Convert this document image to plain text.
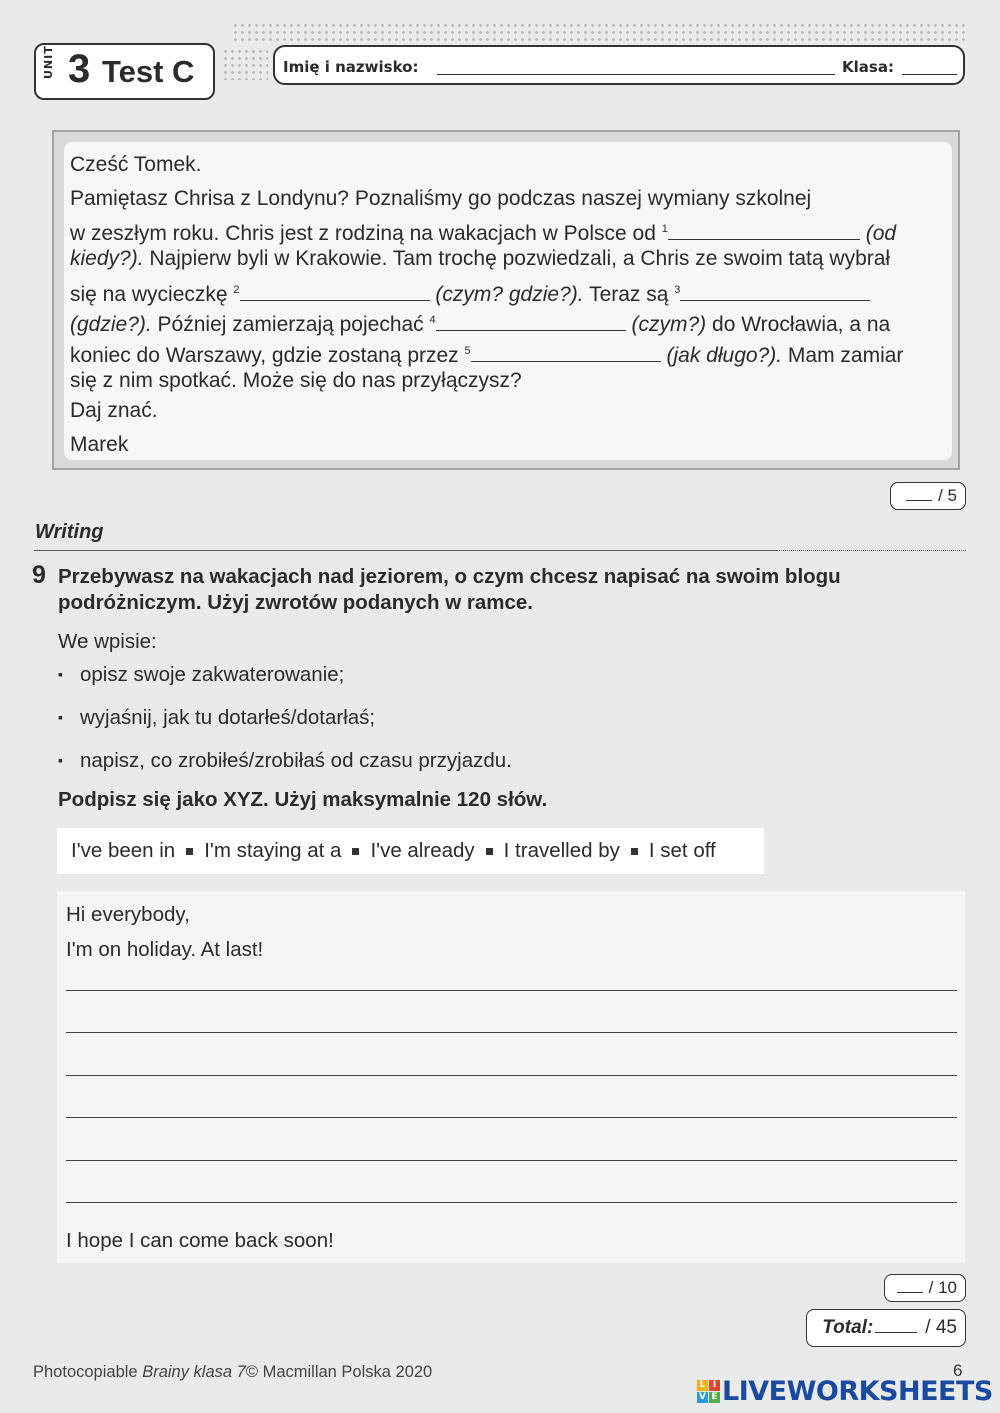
UNIT 3 Test C	Imię i nazwisko:	Klasa:

Cześć Tomek.

Pamiętasz Chrisa z Londynu? Poznaliśmy go podczas naszej wymiany szkolnej

w zeszłym roku. Chris jest z rodziną na wakacjach w Polsce od $^1$	(od

kiedy?). Najpierw byli w Krakowie. Tam trochę pozwiedzali, a Chris ze swoim tatą wybrał

się na wycieczkę $^2$	(czym? gdzie?). Teraz są $^3$

(gdzie?). Później zamierzają pojechać $^4$	(czym?) do Wrocławia, a na

koniec do Warszawy, gdzie zostaną przez $^5$	(jak długo?). Mam zamiar

się z nim spotkać. Może się do nas przyłączysz?

Daj znać.

Marek

/ 5
Writing
9 Przebywasz na wakacjach nad jeziorem, o czym chcesz napisać na swoim blogu podróżniczym. Użyj zwrotów podanych w ramce.
We wpisie:
▪ opisz swoje zakwaterowanie;
▪ wyjaśnij, jak tu dotarłeś/dotarłaś;
▪ napisz, co zrobiłeś/zrobiłaś od czasu przyjazdu.
Podpisz się jako XYZ. Użyj maksymalnie 120 słów.
I've been in I'm staying at a I've already I travelled by I set off
Hi everybody,
I'm on holiday. At last!
I hope I can come back soon!
/ 10
Total:	/ 45
Photocopiable Brainy klasa 7© Macmillan Polska 2020	6
L I
V E LIVEWORKSHEETS
